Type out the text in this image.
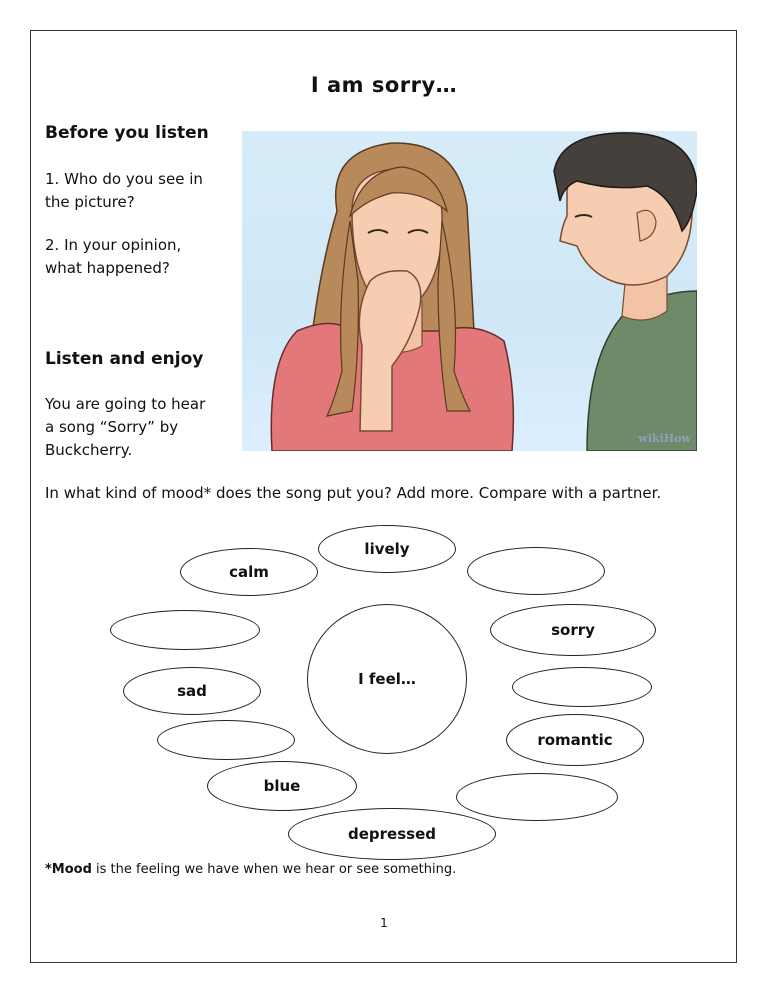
I am sorry…
Before you listen
1. Who do you see in
the picture?
2. In your opinion,
what happened?
Listen and enjoy
You are going to hear
a song “Sorry” by
Buckcherry.
wikiHow
In what kind of mood* does the song put you? Add more. Compare with a partner.
lively
calm
I feel…
sorry
sad
romantic
blue
depressed
*Mood is the feeling we have when we hear or see something.
1
